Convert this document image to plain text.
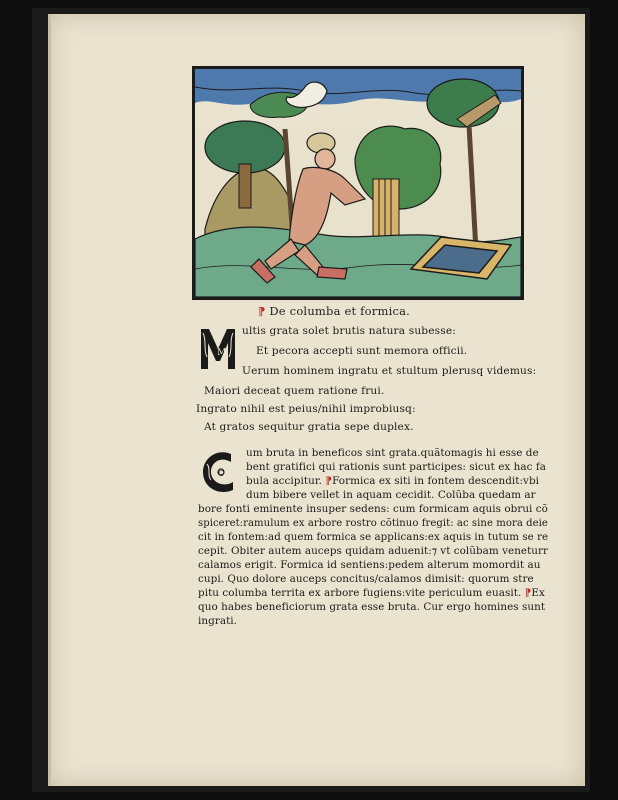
⁋ De columba et formica.
M
ultis grata solet brutis natura subesse:
Et pecora accepti sunt memora officii.
Uerum hominem ingratu et stultum plerusq videmus:
Maiori deceat quem ratione frui.
Ingrato nihil est peius/nihil improbiusq:
At gratos sequitur gratia sepe duplex.
C
um bruta in beneficos sint grata.quãtomagis hi esse de
bent gratifici qui rationis sunt participes: sicut ex hac fa
bula accipitur. ⁋Formica ex siti in fontem descendit:vbi
dum bibere vellet in aquam cecidit. Colũba quedam ar
bore fonti eminente insuper sedens: cum formicam aquis obrui cõ
spiceret:ramulum ex arbore rostro cõtinuo fregit: ac sine mora deie
cit in fontem:ad quem formica se applicans:ex aquis in tutum se re
cepit. Obiter autem auceps quidam aduenit:⁊ vt colũbam veneturr
calamos erigit. Formica id sentiens:pedem alterum momordit au
cupi. Quo dolore auceps concitus/calamos dimisit: quorum stre
pitu columba territa ex arbore fugiens:vite periculum euasit. ⁋Ex
quo habes beneficiorum grata esse bruta. Cur ergo homines sunt
ingrati.
